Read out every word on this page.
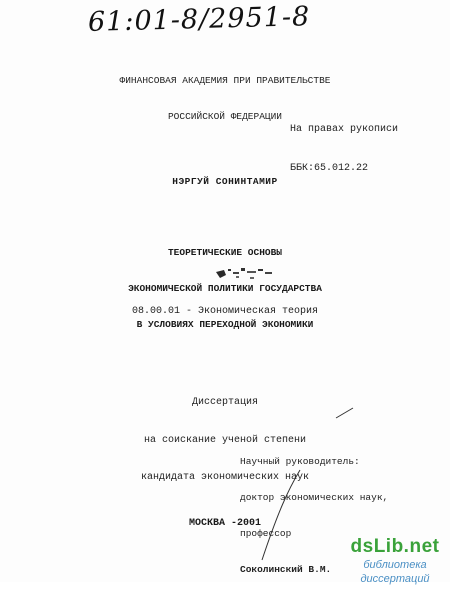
61:01-8/2951-8

ФИНАНСОВАЯ АКАДЕМИЯ ПРИ ПРАВИТЕЛЬСТВЕ

РОССИЙСКОЙ ФЕДЕРАЦИИ

На правах рукописи

ББК:65.012.22

НЭРГУЙ СОНИНТАМИР

ТЕОРЕТИЧЕСКИЕ ОСНОВЫ

ЭКОНОМИЧЕСКОЙ ПОЛИТИКИ ГОСУДАРСТВА

В УСЛОВИЯХ ПЕРЕХОДНОЙ ЭКОНОМИКИ

08.00.01 - Экономическая теория

Диссертация

на соискание ученой степени

кандидата экономических наук

Научный руководитель:

доктор экономических наук,

профессор

Соколинский В.М.

МОСКВА -2001
dsLib.net
библиотека диссертаций
